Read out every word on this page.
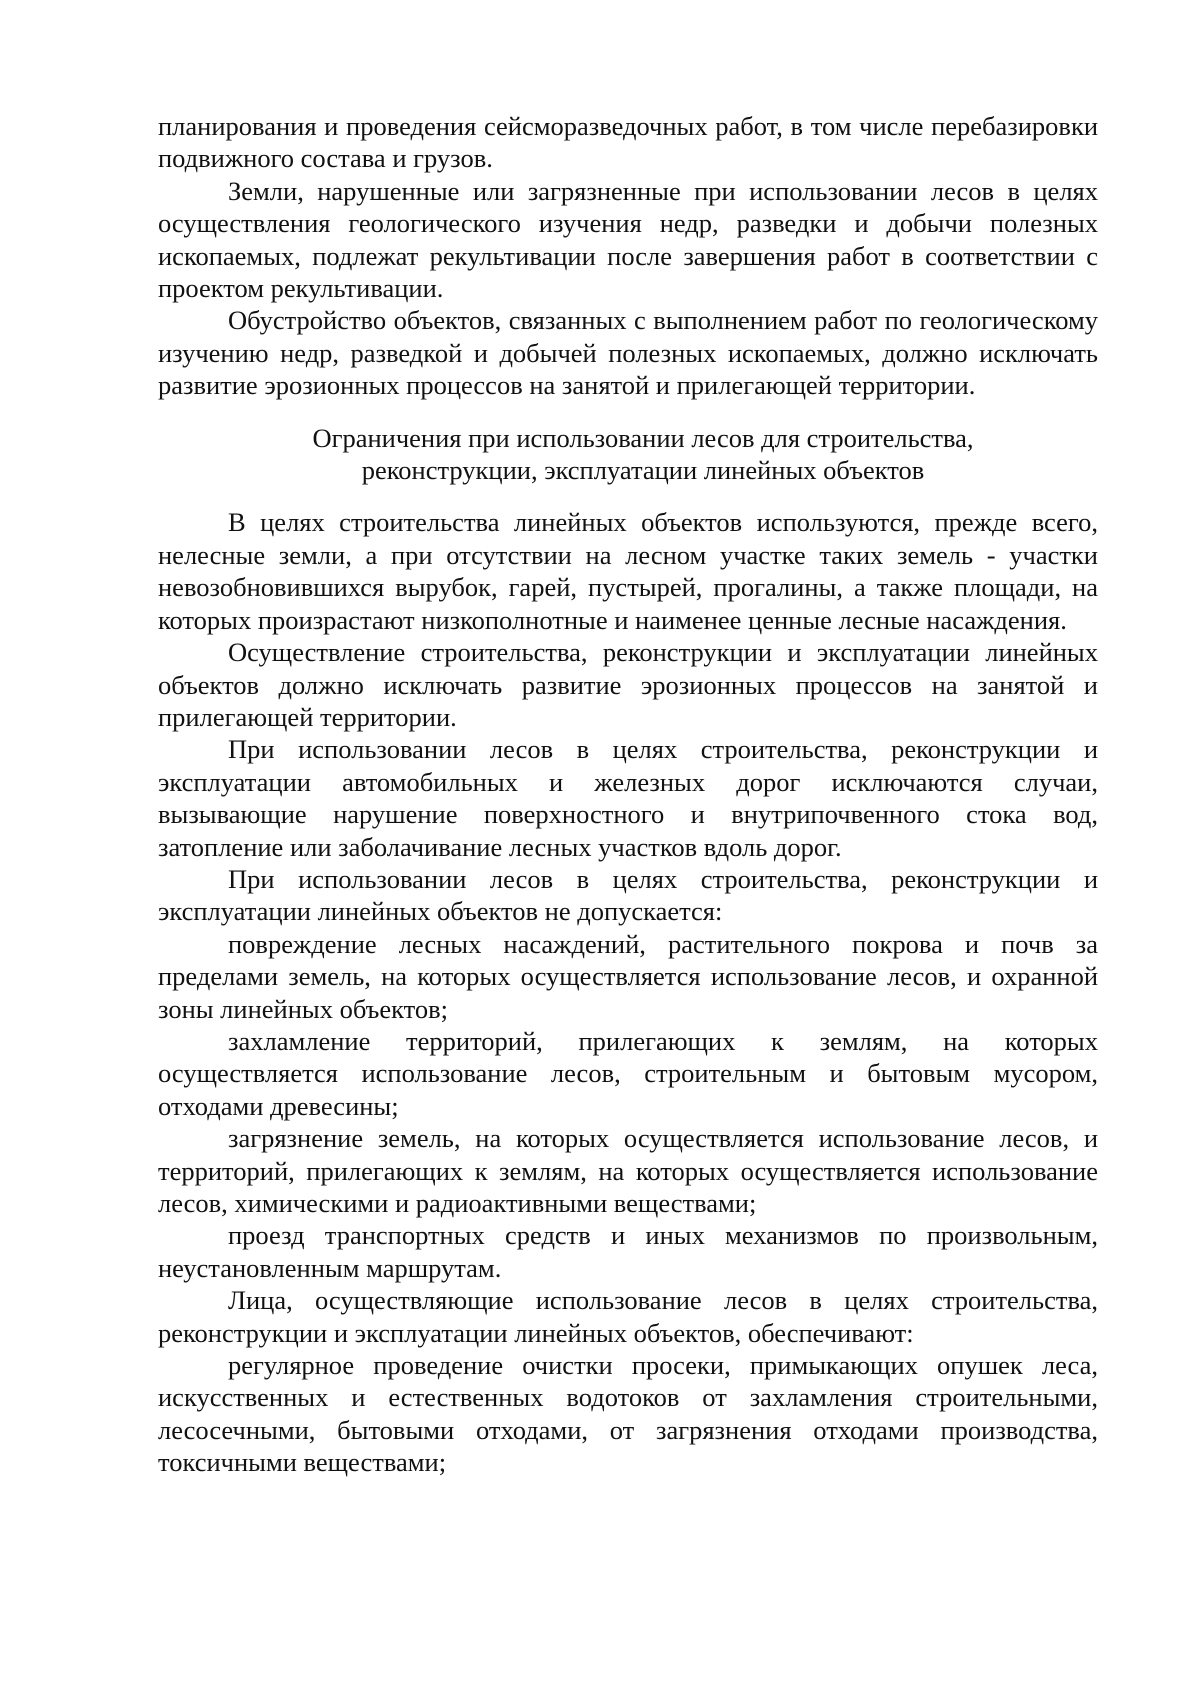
планирования и проведения сейсморазведочных работ, в том числе перебазировки подвижного состава и грузов.

Земли, нарушенные или загрязненные при использовании лесов в целях осуществления геологического изучения недр, разведки и добычи полезных ископаемых, подлежат рекультивации после завершения работ в соответствии с проектом рекультивации.

Обустройство объектов, связанных с выполнением работ по геологическому изучению недр, разведкой и добычей полезных ископаемых, должно исключать развитие эрозионных процессов на занятой и прилегающей территории.

Ограничения при использовании лесов для строительства,
реконструкции, эксплуатации линейных объектов

В целях строительства линейных объектов используются, прежде всего, нелесные земли, а при отсутствии на лесном участке таких земель - участки невозобновившихся вырубок, гарей, пустырей, прогалины, а также площади, на которых произрастают низкополнотные и наименее ценные лесные насаждения.

Осуществление строительства, реконструкции и эксплуатации линейных объектов должно исключать развитие эрозионных процессов на занятой и прилегающей территории.

При использовании лесов в целях строительства, реконструкции и эксплуатации автомобильных и железных дорог исключаются случаи, вызывающие нарушение поверхностного и внутрипочвенного стока вод, затопление или заболачивание лесных участков вдоль дорог.

При использовании лесов в целях строительства, реконструкции и эксплуатации линейных объектов не допускается:

повреждение лесных насаждений, растительного покрова и почв за пределами земель, на которых осуществляется использование лесов, и охранной зоны линейных объектов;

захламление территорий, прилегающих к землям, на которых осуществляется использование лесов, строительным и бытовым мусором, отходами древесины;

загрязнение земель, на которых осуществляется использование лесов, и территорий, прилегающих к землям, на которых осуществляется использование лесов, химическими и радиоактивными веществами;

проезд транспортных средств и иных механизмов по произвольным, неустановленным маршрутам.

Лица, осуществляющие использование лесов в целях строительства, реконструкции и эксплуатации линейных объектов, обеспечивают:

регулярное проведение очистки просеки, примыкающих опушек леса, искусственных и естественных водотоков от захламления строительными, лесосечными, бытовыми отходами, от загрязнения отходами производства, токсичными веществами;
